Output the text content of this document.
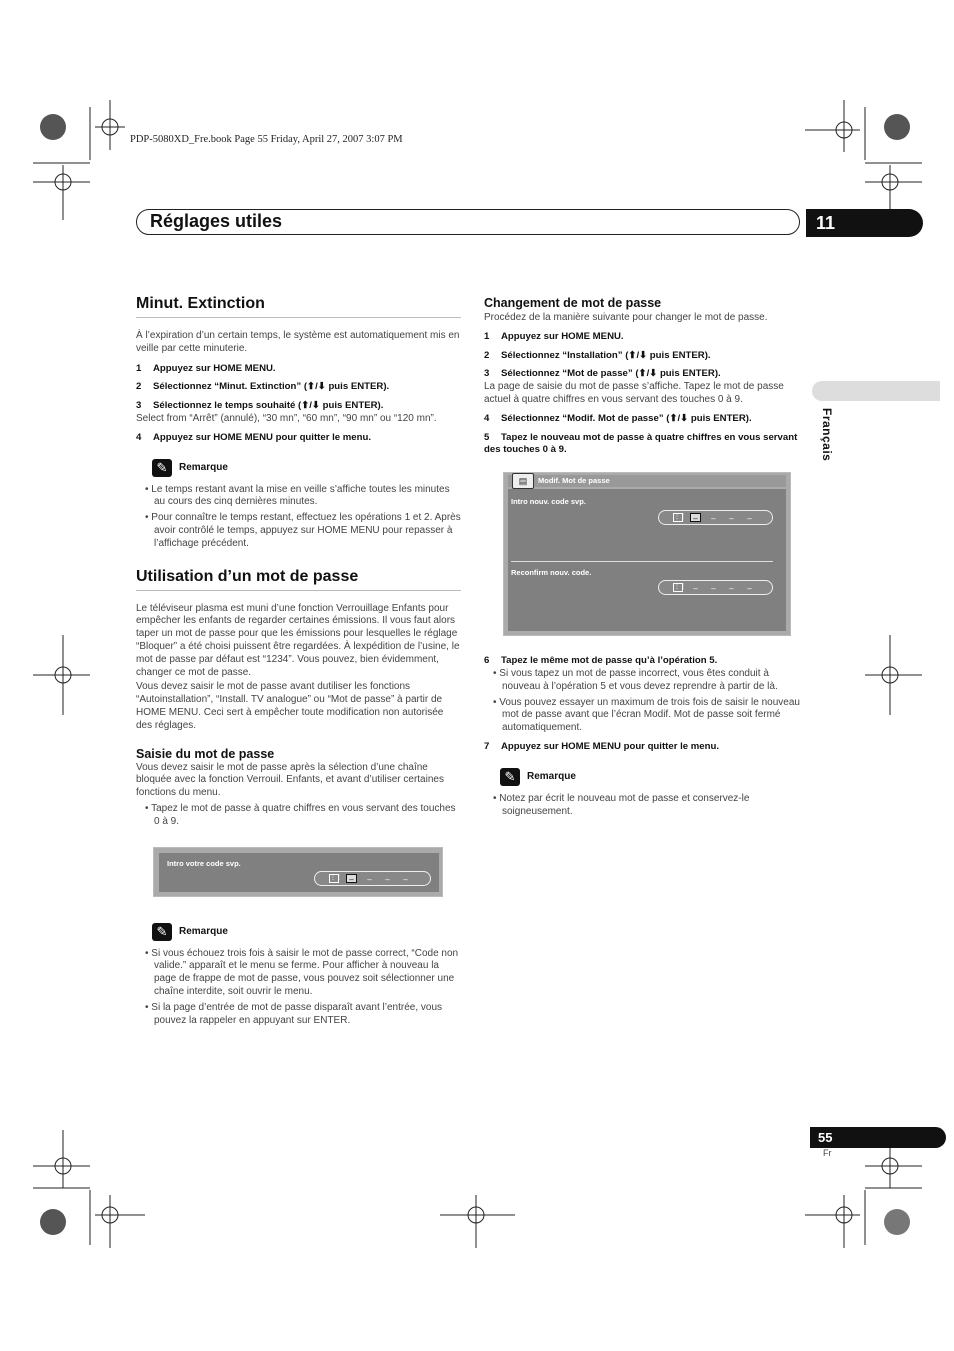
PDP-5080XD_Fre.book Page 55 Friday, April 27, 2007 3:07 PM
Réglages utiles	11
Français
Minut. Extinction
À l’expiration d’un certain temps, le système est automatiquement mis en veille par cette minuterie.
1 Appuyez sur HOME MENU.
2 Sélectionnez “Minut. Extinction” (⬆/⬇ puis ENTER).
3 Sélectionnez le temps souhaité (⬆/⬇ puis ENTER).
Select from “Arrêt” (annulé), “30 mn”, “60 mn”, “90 mn” ou “120 mn”.
4 Appuyez sur HOME MENU pour quitter le menu.
✎	Remarque
• Le temps restant avant la mise en veille s’affiche toutes les minutes au cours des cinq dernières minutes.
• Pour connaître le temps restant, effectuez les opérations 1 et 2. Après avoir contrôlé le temps, appuyez sur HOME MENU pour repasser à l’affichage précédent.
Utilisation d’un mot de passe
Le téléviseur plasma est muni d’une fonction Verrouillage Enfants pour empêcher les enfants de regarder certaines émissions. Il vous faut alors taper un mot de passe pour que les émissions pour lesquelles le réglage “Bloquer” a été choisi puissent être regardées. À lexpédition de l’usine, le mot de passe par défaut est “1234”. Vous pouvez, bien évidemment, changer ce mot de passe.
Vous devez saisir le mot de passe avant dutiliser les fonctions “Autoinstallation”, “Install. TV analogue” ou “Mot de passe” à partir de HOME MENU. Ceci sert à empêcher toute modification non autorisée des réglages.
Saisie du mot de passe
Vous devez saisir le mot de passe après la sélection d’une chaîne bloquée avec la fonction Verrouil. Enfants, et avant d’utiliser certaines fonctions du menu.
• Tapez le mot de passe à quatre chiffres en vous servant des touches 0 à 9.
Intro votre code svp.
⋮⋮ –	–	–	–
✎	Remarque
• Si vous échouez trois fois à saisir le mot de passe correct, “Code non valide.” apparaît et le menu se ferme. Pour afficher à nouveau la page de frappe de mot de passe, vous pouvez soit sélectionner une chaîne interdite, soit ouvrir le menu.
• Si la page d’entrée de mot de passe disparaît avant l’entrée, vous pouvez la rappeler en appuyant sur ENTER.
Changement de mot de passe
Procédez de la manière suivante pour changer le mot de passe.
1 Appuyez sur HOME MENU.
2 Sélectionnez “Installation” (⬆/⬇ puis ENTER).
3 Sélectionnez “Mot de passe” (⬆/⬇ puis ENTER).
La page de saisie du mot de passe s’affiche. Tapez le mot de passe actuel à quatre chiffres en vous servant des touches 0 à 9.
4 Sélectionnez “Modif. Mot de passe” (⬆/⬇ puis ENTER).
5 Tapez le nouveau mot de passe à quatre chiffres en vous servant des touches 0 à 9.
▤	Modif. Mot de passe
Intro nouv. code svp.
⋮⋮ –	–	–	–
Reconfirm nouv. code.
⋮⋮ –	–	–	–
6 Tapez le même mot de passe qu’à l’opération 5.
• Si vous tapez un mot de passe incorrect, vous êtes conduit à nouveau à l’opération 5 et vous devez reprendre à partir de là.
• Vous pouvez essayer un maximum de trois fois de saisir le nouveau mot de passe avant que l’écran Modif. Mot de passe soit fermé automatiquement.
7 Appuyez sur HOME MENU pour quitter le menu.
✎	Remarque
• Notez par écrit le nouveau mot de passe et conservez-le soigneusement.
55
Fr
